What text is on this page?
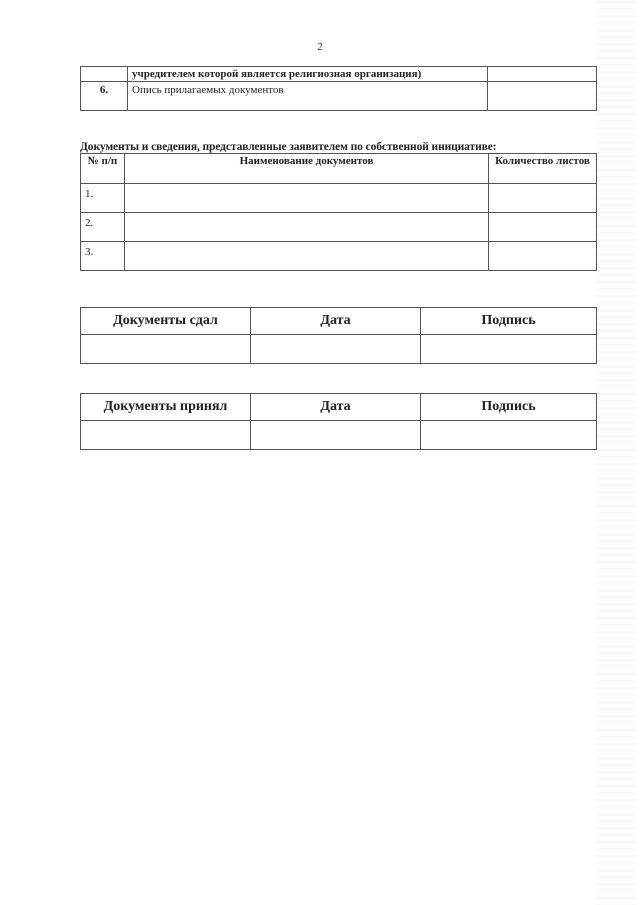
2
	учредителем которой является религиозная организация)	
6.	Опись прилагаемых документов	
Документы и сведения, представленные заявителем по собственной инициативе:
№ п/п	Наименование документов	Количество листов
1.		
2.		
3.		
Документы сдал	Дата	Подпись

Документы принял	Дата	Подпись
